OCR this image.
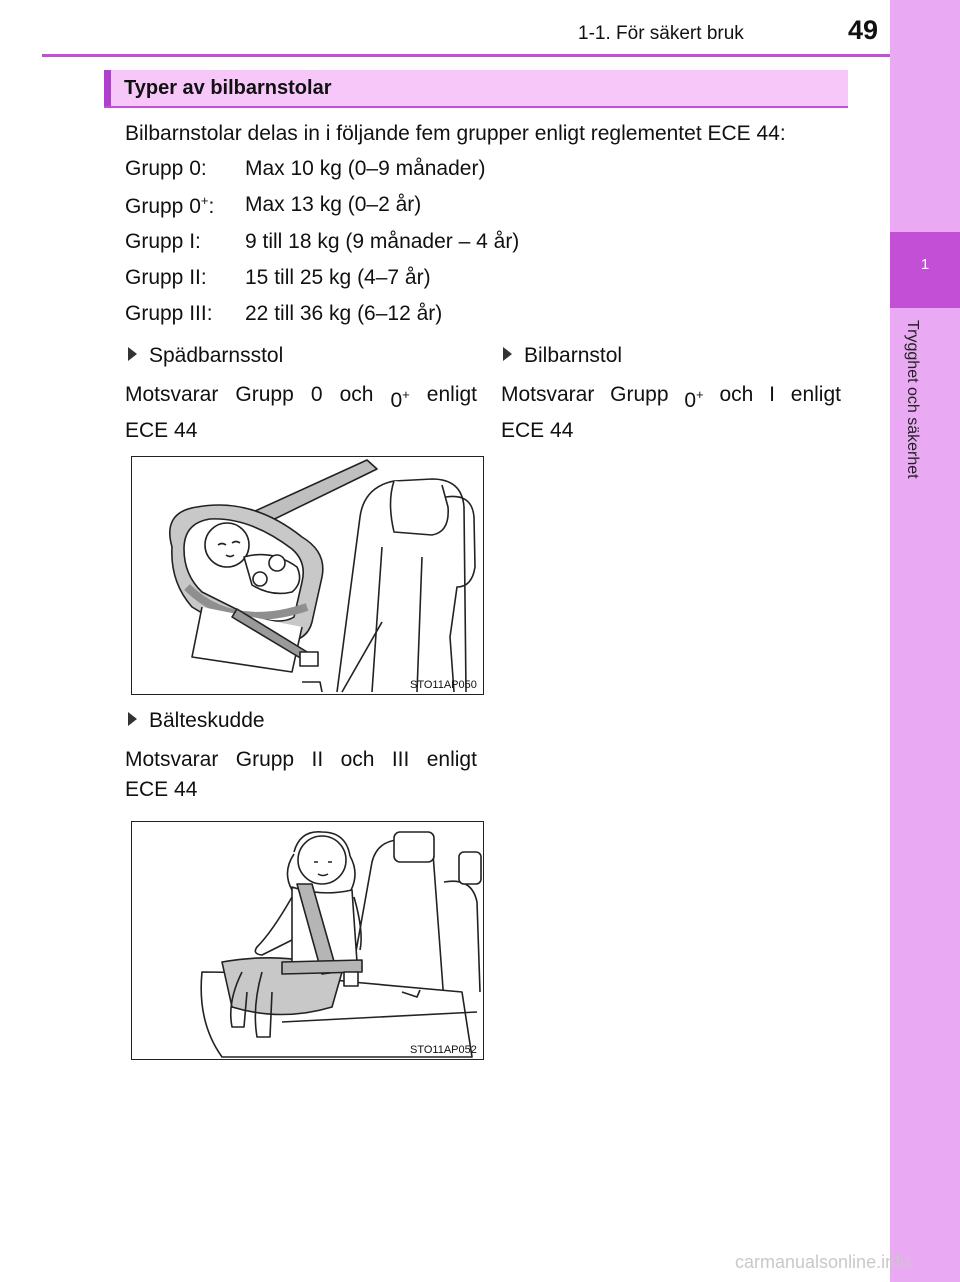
1-1. För säkert bruk	49
1
Trygghet och säkerhet
Typer av bilbarnstolar
Bilbarnstolar delas in i följande fem grupper enligt reglementet ECE 44:
Grupp 0: Max 10 kg (0–9 månader)
Grupp 0+: Max 13 kg (0–2 år)
Grupp I: 9 till 18 kg (9 månader – 4 år)
Grupp II: 15 till 25 kg (4–7 år)
Grupp III: 22 till 36 kg (6–12 år)
Spädbarnsstol
Motsvarar Grupp 0 och 0+ enligt
ECE 44
Bilbarnstol
Motsvarar Grupp 0+ och I enligt
ECE 44
STO11AP050
Bälteskudde
Motsvarar Grupp II och III enligt
ECE 44
STO11AP052
carmanualsonline.info
